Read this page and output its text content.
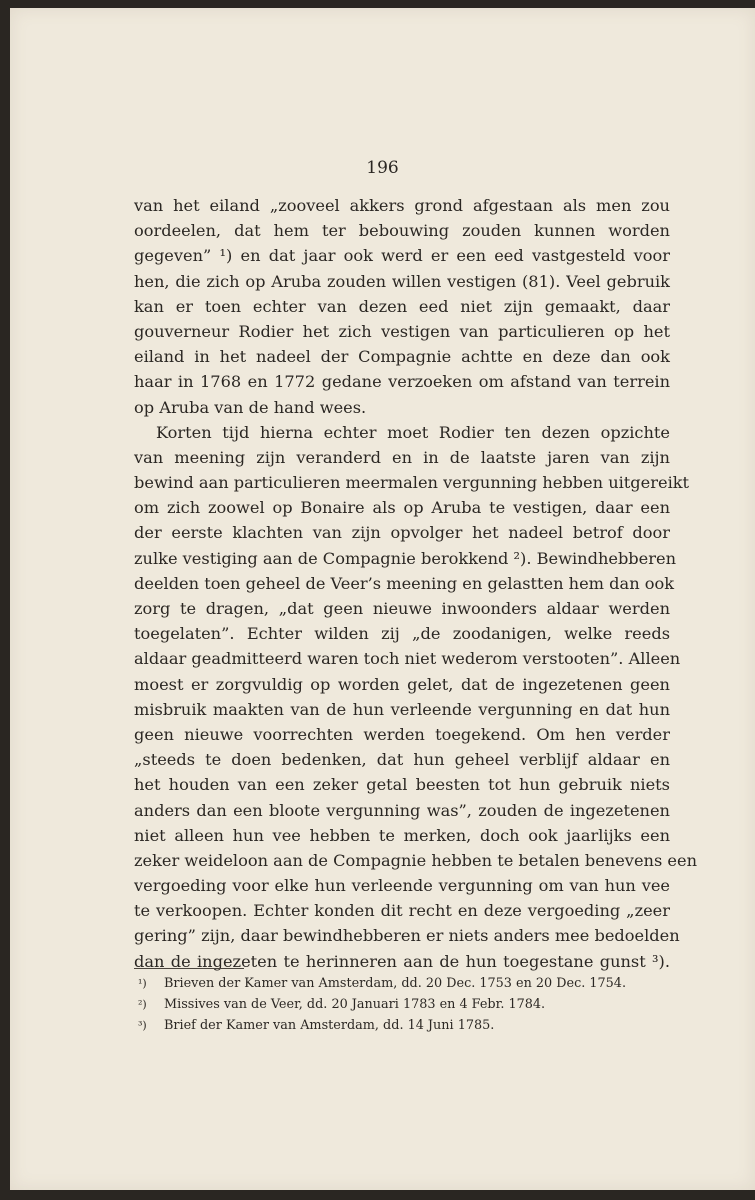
196
van het eiland „zooveel akkers grond afgestaan als men zou
oordeelen, dat hem ter bebouwing zouden kunnen worden
gegeven” ¹) en dat jaar ook werd er een eed vastgesteld voor
hen, die zich op Aruba zouden willen vestigen (81). Veel gebruik
kan er toen echter van dezen eed niet zijn gemaakt, daar
gouverneur Rodier het zich vestigen van particulieren op het
eiland in het nadeel der Compagnie achtte en deze dan ook
haar in 1768 en 1772 gedane verzoeken om afstand van terrein
op Aruba van de hand wees.
Korten tijd hierna echter moet Rodier ten dezen opzichte
van meening zijn veranderd en in de laatste jaren van zijn
bewind aan particulieren meermalen vergunning hebben uitgereikt
om zich zoowel op Bonaire als op Aruba te vestigen, daar een
der eerste klachten van zijn opvolger het nadeel betrof door
zulke vestiging aan de Compagnie berokkend ²). Bewindhebberen
deelden toen geheel de Veer’s meening en gelastten hem dan ook
zorg te dragen, „dat geen nieuwe inwoonders aldaar werden
toegelaten”. Echter wilden zij „de zoodanigen, welke reeds
aldaar geadmitteerd waren toch niet wederom verstooten”. Alleen
moest er zorgvuldig op worden gelet, dat de ingezetenen geen
misbruik maakten van de hun verleende vergunning en dat hun
geen nieuwe voorrechten werden toegekend. Om hen verder
„steeds te doen bedenken, dat hun geheel verblijf aldaar en
het houden van een zeker getal beesten tot hun gebruik niets
anders dan een bloote vergunning was”, zouden de ingezetenen
niet alleen hun vee hebben te merken, doch ook jaarlijks een
zeker weideloon aan de Compagnie hebben te betalen benevens een
vergoeding voor elke hun verleende vergunning om van hun vee
te verkoopen. Echter konden dit recht en deze vergoeding „zeer
gering” zijn, daar bewindhebberen er niets anders mee bedoelden
dan de ingezeten te herinneren aan de hun toegestane gunst ³).
¹)	Brieven der Kamer van Amsterdam, dd. 20 Dec. 1753 en 20 Dec. 1754.
²)	Missives van de Veer, dd. 20 Januari 1783 en 4 Febr. 1784.
³)	Brief der Kamer van Amsterdam, dd. 14 Juni 1785.
